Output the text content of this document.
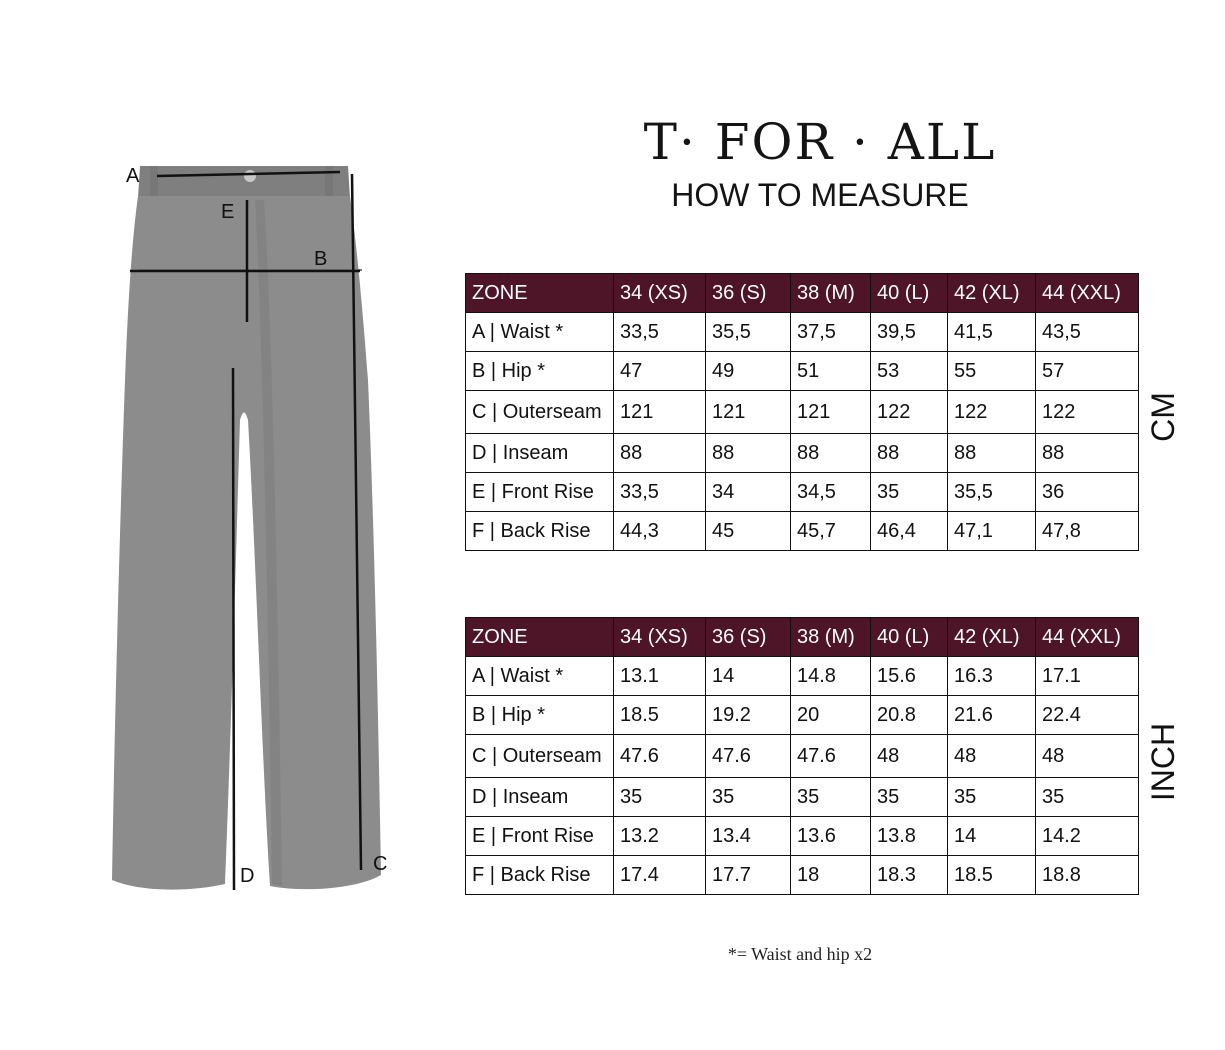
A
E
B
D
C
T· FOR · ALL
HOW TO MEASURE
ZONE	34 (XS)	36 (S)	38 (M)	40 (L)	42 (XL)	44 (XXL)
A | Waist *	33,5	35,5	37,5	39,5	41,5	43,5
B | Hip *	47	49	51	53	55	57
C | Outerseam	121	121	121	122	122	122
D | Inseam	88	88	88	88	88	88
E | Front Rise	33,5	34	34,5	35	35,5	36
F | Back Rise	44,3	45	45,7	46,4	47,1	47,8
CM
ZONE	34 (XS)	36 (S)	38 (M)	40 (L)	42 (XL)	44 (XXL)
A | Waist *	13.1	14	14.8	15.6	16.3	17.1
B | Hip *	18.5	19.2	20	20.8	21.6	22.4
C | Outerseam	47.6	47.6	47.6	48	48	48
D | Inseam	35	35	35	35	35	35
E | Front Rise	13.2	13.4	13.6	13.8	14	14.2
F | Back Rise	17.4	17.7	18	18.3	18.5	18.8
INCH
*= Waist and hip x2
